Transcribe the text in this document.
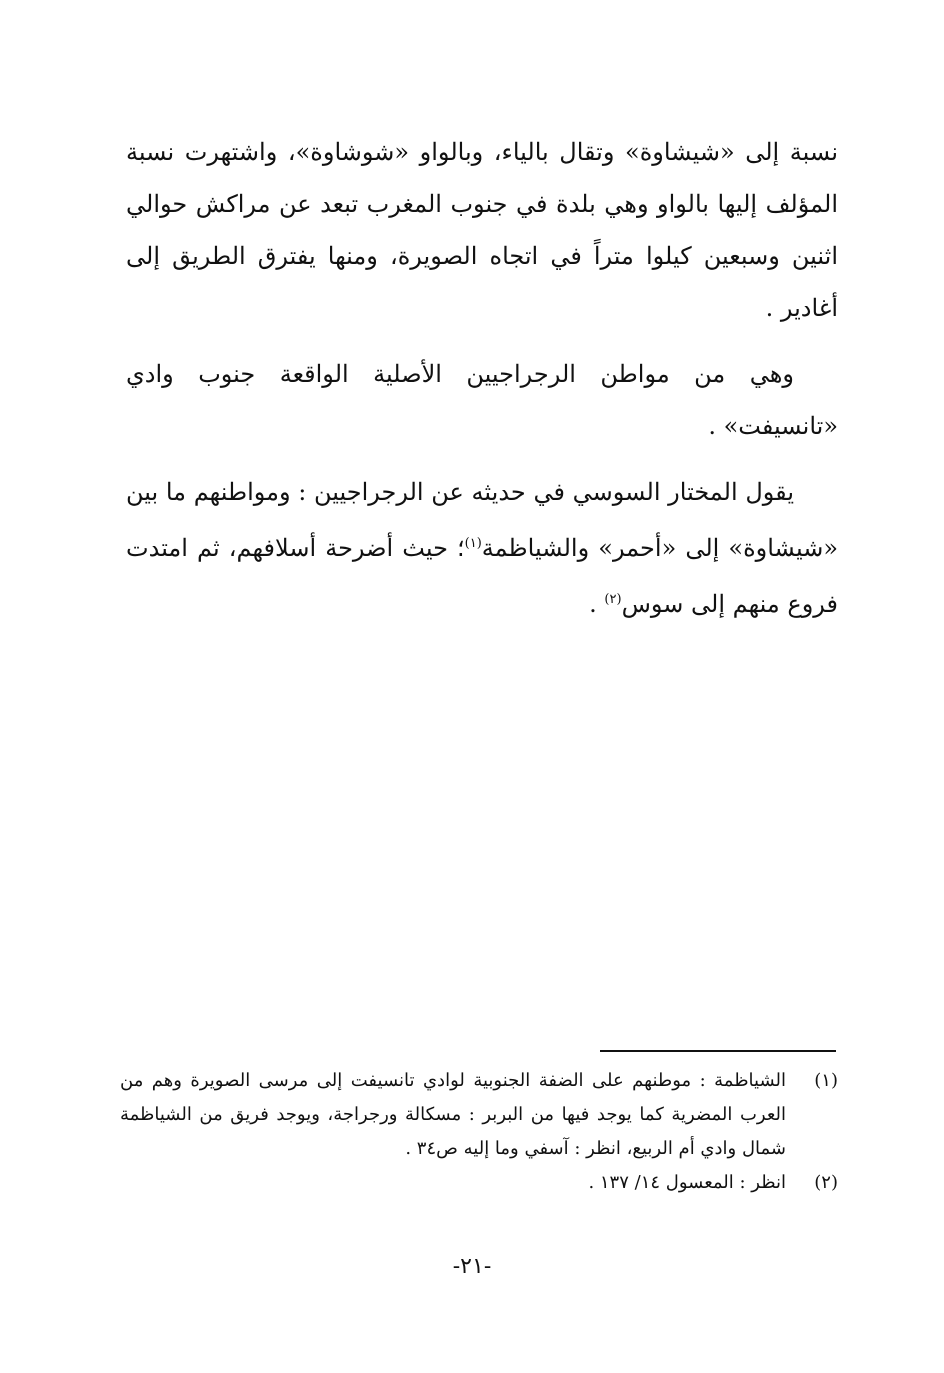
نسبة إلى «شيشاوة» وتقال بالياء، وبالواو «شوشاوة»، واشتهرت نسبة المؤلف إليها بالواو وهي بلدة في جنوب المغرب تبعد عن مراكش حوالي اثنين وسبعين كيلوا متراً في اتجاه الصويرة، ومنها يفترق الطريق إلى أغادير .

وهي من مواطن الرجراجيين الأصلية الواقعة جنوب وادي «تانسيفت» .

يقول المختار السوسي في حديثه عن الرجراجيين : ومواطنهم ما بين «شيشاوة» إلى «أحمر» والشياظمة$^{(١)}$؛ حيث أضرحة أسلافهم، ثم امتدت فروع منهم إلى سوس$^{(٢)}$ .

(١)الشياظمة : موطنهم على الضفة الجنوبية لوادي تانسيفت إلى مرسى الصويرة وهم من العرب المضرية كما يوجد فيها من البربر : مسكالة ورجراجة، ويوجد فريق من الشياظمة شمال وادي أم الربيع، انظر : آسفي وما إليه ص٣٤ .

(٢)انظر : المعسول ١٤/ ١٣٧ .

-٢١-
